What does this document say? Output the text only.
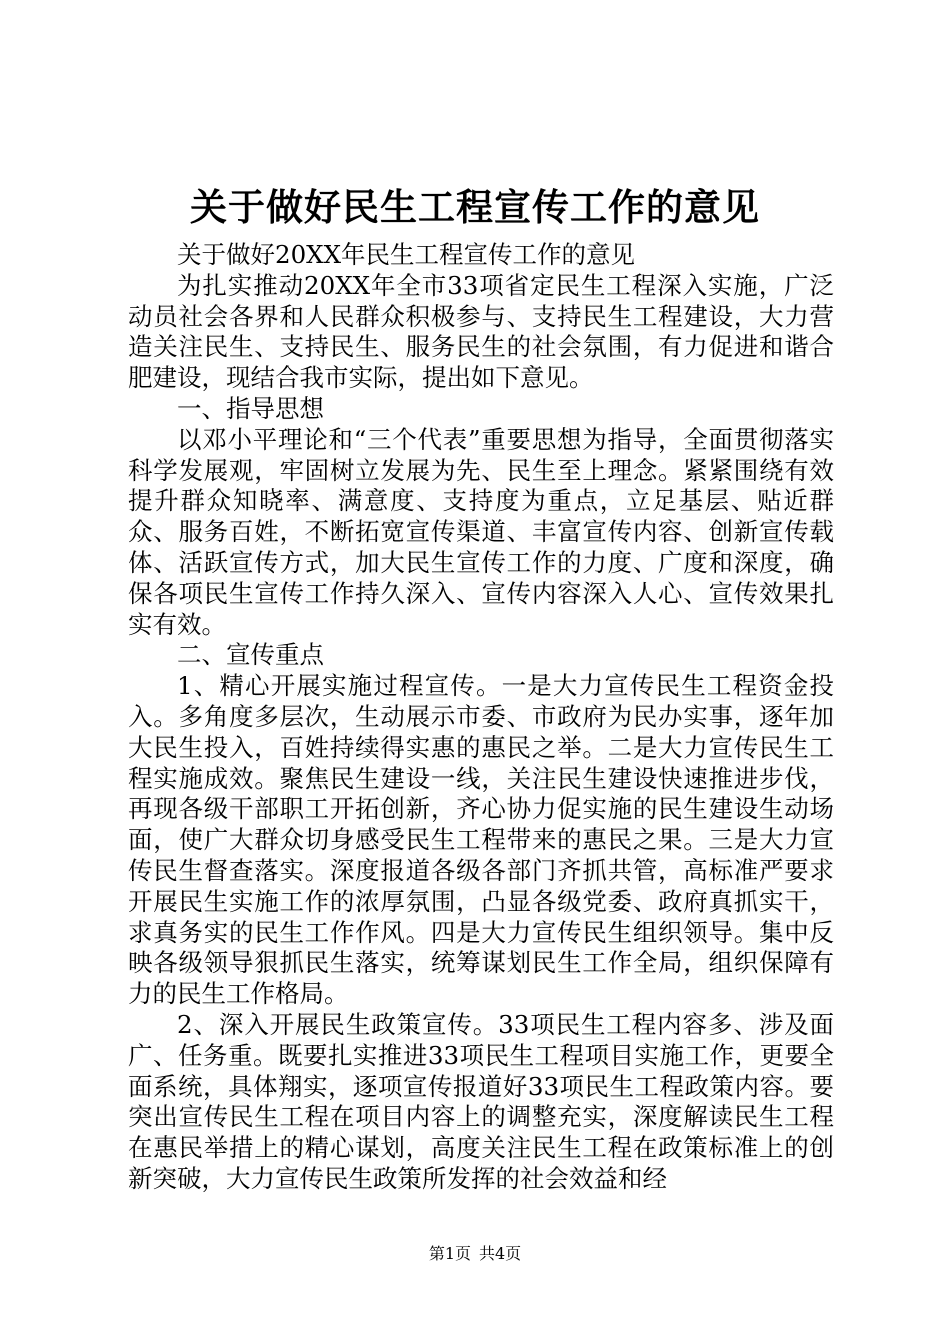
关于做好民生工程宣传工作的意见

关于做好20XX年民生工程宣传工作的意见

为扎实推动20XX年全市33项省定民生工程深入实施，广泛动员社会各界和人民群众积极参与、支持民生工程建设，大力营造关注民生、支持民生、服务民生的社会氛围，有力促进和谐合肥建设，现结合我市实际，提出如下意见。

一、指导思想

以邓小平理论和“三个代表”重要思想为指导，全面贯彻落实科学发展观，牢固树立发展为先、民生至上理念。紧紧围绕有效提升群众知晓率、满意度、支持度为重点，立足基层、贴近群众、服务百姓，不断拓宽宣传渠道、丰富宣传内容、创新宣传载体、活跃宣传方式，加大民生宣传工作的力度、广度和深度，确保各项民生宣传工作持久深入、宣传内容深入人心、宣传效果扎实有效。

二、宣传重点

1、精心开展实施过程宣传。一是大力宣传民生工程资金投入。多角度多层次，生动展示市委、市政府为民办实事，逐年加大民生投入，百姓持续得实惠的惠民之举。二是大力宣传民生工程实施成效。聚焦民生建设一线，关注民生建设快速推进步伐，再现各级干部职工开拓创新，齐心协力促实施的民生建设生动场面，使广大群众切身感受民生工程带来的惠民之果。三是大力宣传民生督查落实。深度报道各级各部门齐抓共管，高标准严要求开展民生实施工作的浓厚氛围，凸显各级党委、政府真抓实干，求真务实的民生工作作风。四是大力宣传民生组织领导。集中反映各级领导狠抓民生落实，统筹谋划民生工作全局，组织保障有力的民生工作格局。

2、深入开展民生政策宣传。33项民生工程内容多、涉及面广、任务重。既要扎实推进33项民生工程项目实施工作，更要全面系统，具体翔实，逐项宣传报道好33项民生工程政策内容。要突出宣传民生工程在项目内容上的调整充实，深度解读民生工程在惠民举措上的精心谋划，高度关注民生工程在政策标准上的创新突破，大力宣传民生政策所发挥的社会效益和经

第1页 共4页
